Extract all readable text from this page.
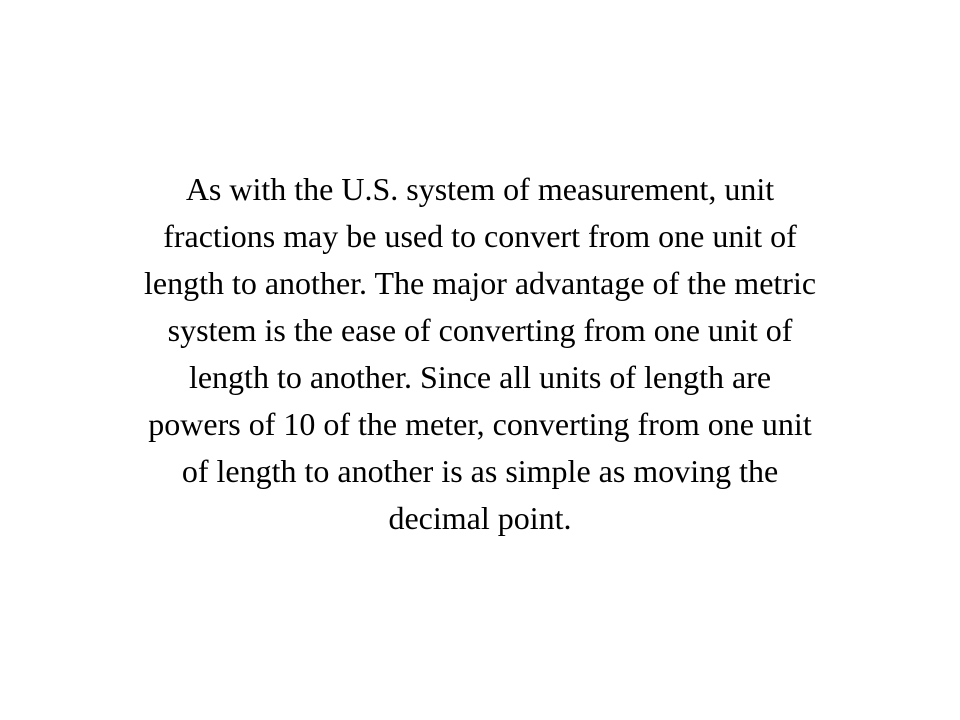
As with the U.S. system of measurement, unit
fractions may be used to convert from one unit of
length to another. The major advantage of the metric
system is the ease of converting from one unit of
length to another. Since all units of length are
powers of 10 of the meter, converting from one unit
of length to another is as simple as moving the
decimal point.
